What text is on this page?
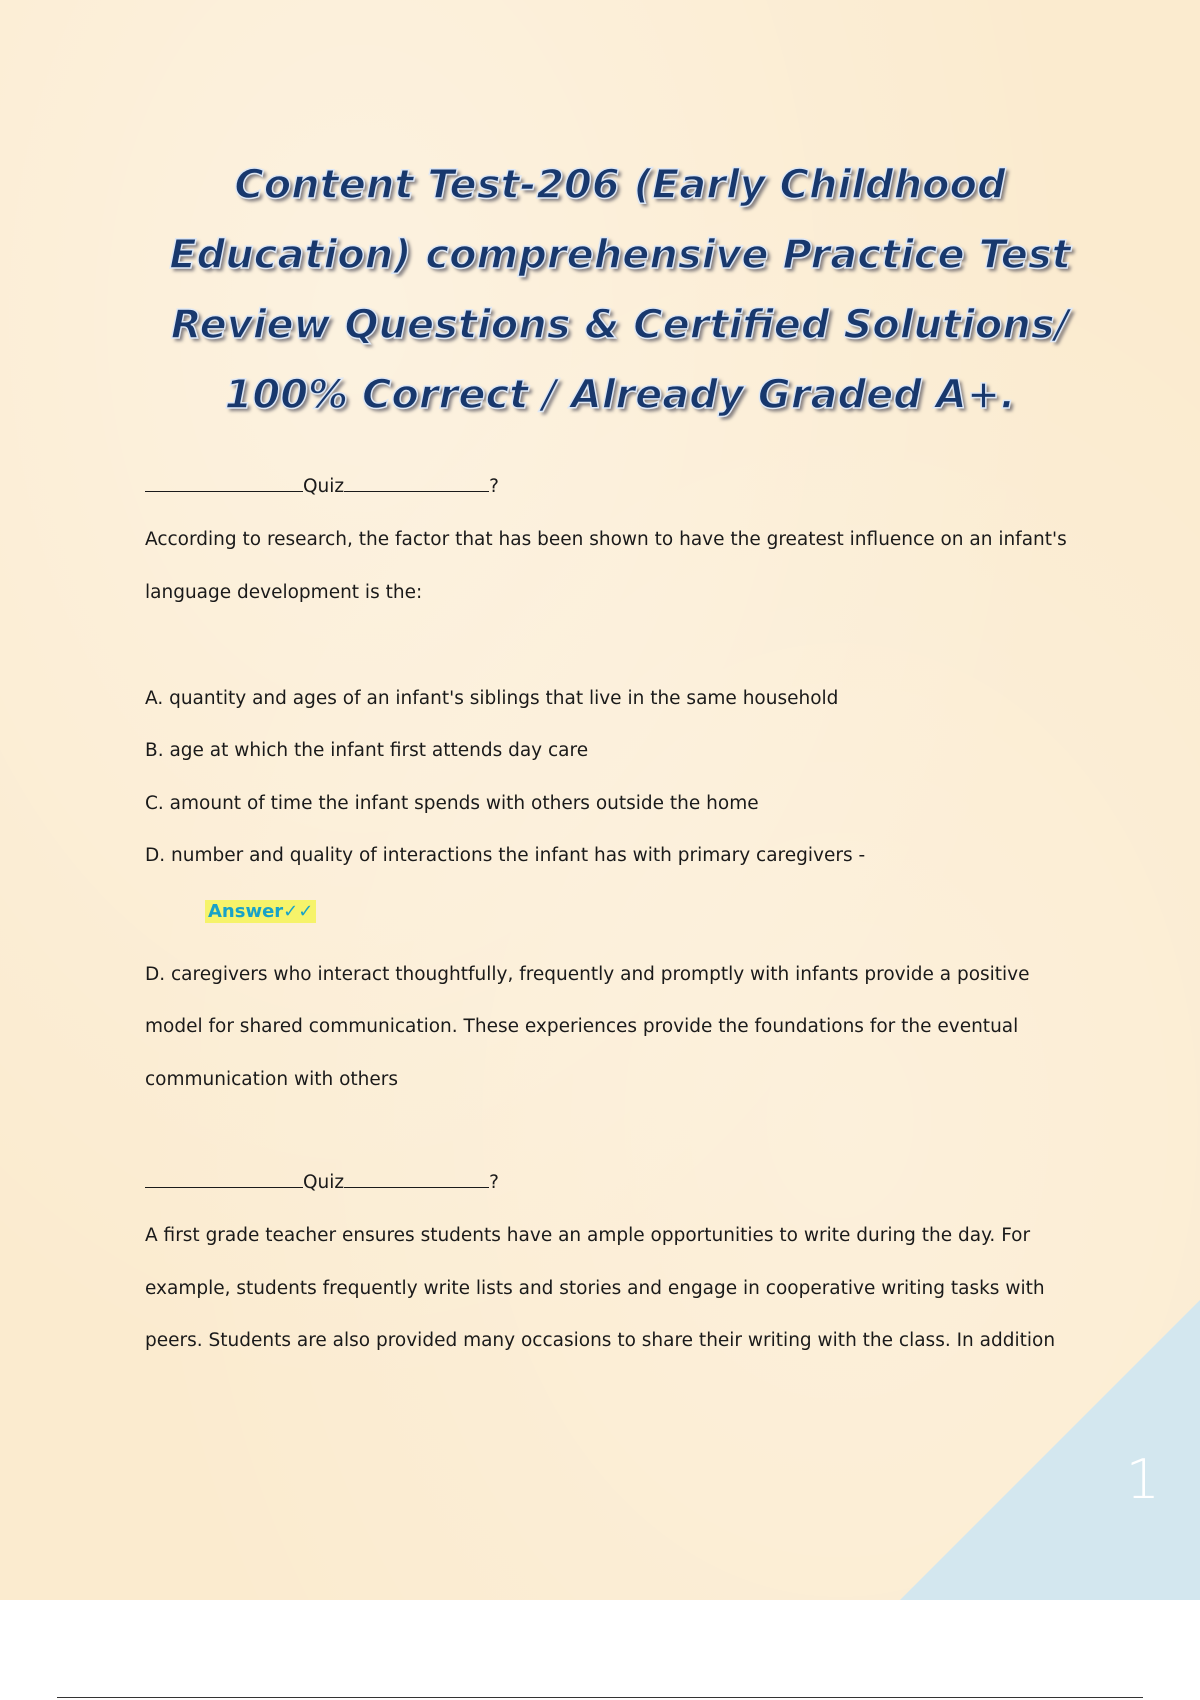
1
Content Test-206 (Early Childhood
Education) comprehensive Practice Test
Review Questions & Certified Solutions/
100% Correct / Already Graded A+.
Quiz	?
According to research, the factor that has been shown to have the greatest influence on an infant's
language development is the:
A. quantity and ages of an infant's siblings that live in the same household
B. age at which the infant first attends day care
C. amount of time the infant spends with others outside the home
D. number and quality of interactions the infant has with primary caregivers -
Answer✓✓
D. caregivers who interact thoughtfully, frequently and promptly with infants provide a positive
model for shared communication. These experiences provide the foundations for the eventual
communication with others
Quiz	?
A first grade teacher ensures students have an ample opportunities to write during the day. For
example, students frequently write lists and stories and engage in cooperative writing tasks with
peers. Students are also provided many occasions to share their writing with the class. In addition
